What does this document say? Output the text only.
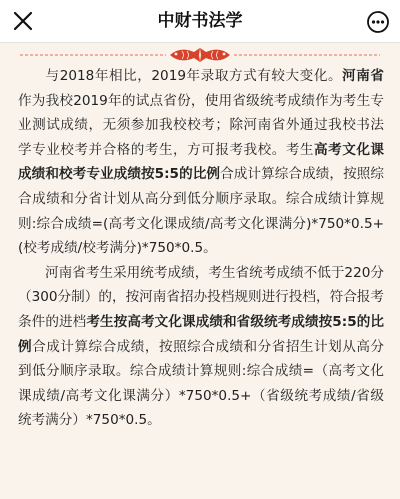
中财书法学

与2018年相比，2019年录取方式有较大变化。河南省作为我校2019年的试点省份，使用省级统考成绩作为考生专业测试成绩，无须参加我校校考；除河南省外通过我校书法学专业校考并合格的考生，方可报考我校。考生高考文化课成绩和校考专业成绩按5:5的比例合成计算综合成绩，按照综合成绩和分省计划从高分到低分顺序录取。综合成绩计算规则:综合成绩=(高考文化课成绩/高考文化课满分)*750*0.5+(校考成绩/校考满分)*750*0.5。

河南省考生采用统考成绩，考生省统考成绩不低于220分（300分制）的，按河南省招办投档规则进行投档，符合报考条件的进档考生按高考文化课成绩和省级统考成绩按5:5的比例合成计算综合成绩，按照综合成绩和分省招生计划从高分到低分顺序录取。综合成绩计算规则:综合成绩=（高考文化课成绩/高考文化课满分）*750*0.5+（省级统考成绩/省级统考满分）*750*0.5。
